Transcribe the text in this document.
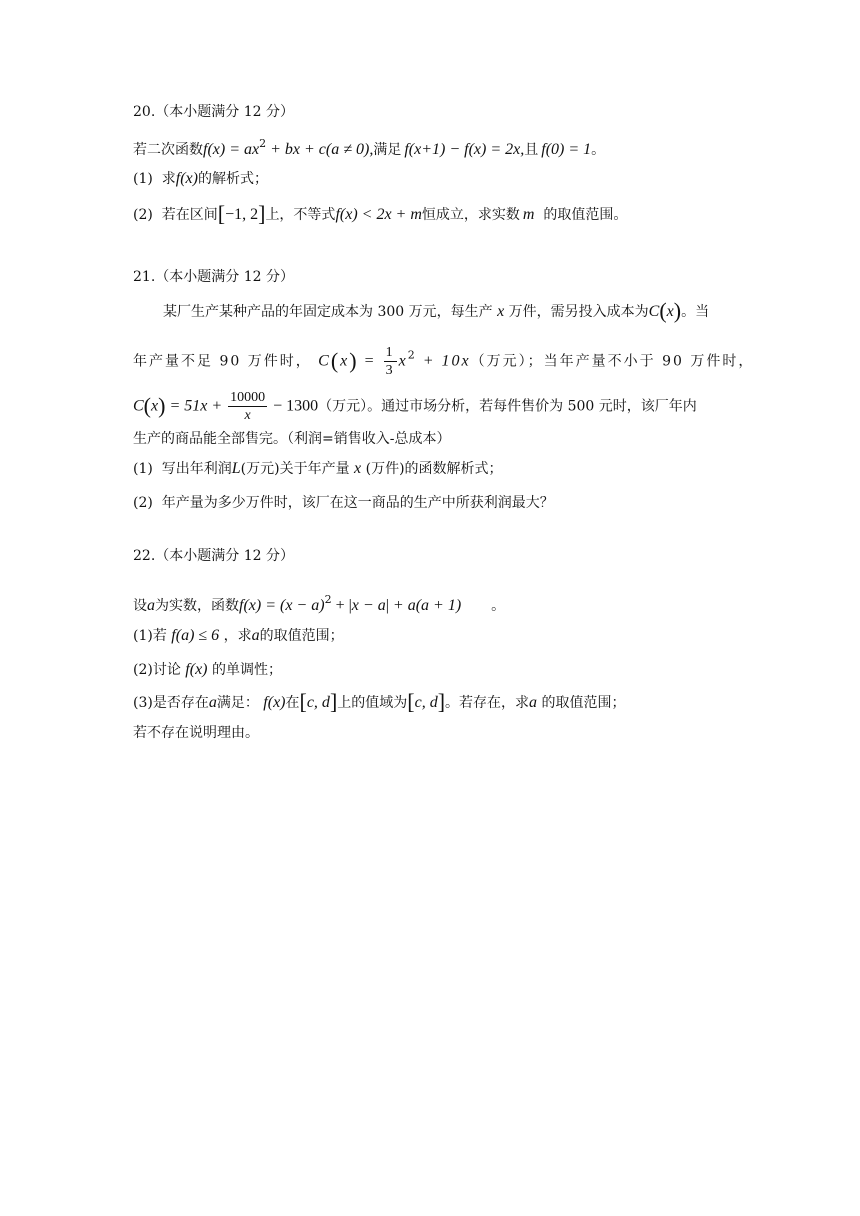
20.（本小题满分 12 分）
若二次函数$f(x) = ax^2$ + bx + c(a ≠ 0),满足 f(x+1) − f(x) = 2x,且 f(0) = 1。
(1) 求f(x)的解析式；
(2) 若在区间[−1, 2]上，不等式f(x) < 2x + m恒成立，求实数 m 的取值范围。
21.（本小题满分 12 分）
某厂生产某种产品的年固定成本为 300 万元，每生产 x 万件，需另投入成本为C(x)。当
年产量不足 90 万件时， $C(x) = \frac{1}{3} x^2 + 10x$（万元）；当年产量不小于 90 万件时，
$C(x) = 51x + \frac{10000}{x} - 1300$（万元）。通过市场分析，若每件售价为 500 元时，该厂年内
生产的商品能全部售完。（利润=销售收入-总成本）
(1) 写出年利润L(万元)关于年产量 x (万件)的函数解析式；
(2) 年产量为多少万件时，该厂在这一商品的生产中所获利润最大？
22.（本小题满分 12 分）
设a为实数，函数$f(x) = (x - a)^2 + |x - a| + a(a + 1)$ 。
(1)若 f(a) ≤ 6 ，求a的取值范围；
(2)讨论 f(x) 的单调性；
(3)是否存在a满足： f(x)在[c, d]上的值域为[c, d]。若存在，求a 的取值范围；
若不存在说明理由。
